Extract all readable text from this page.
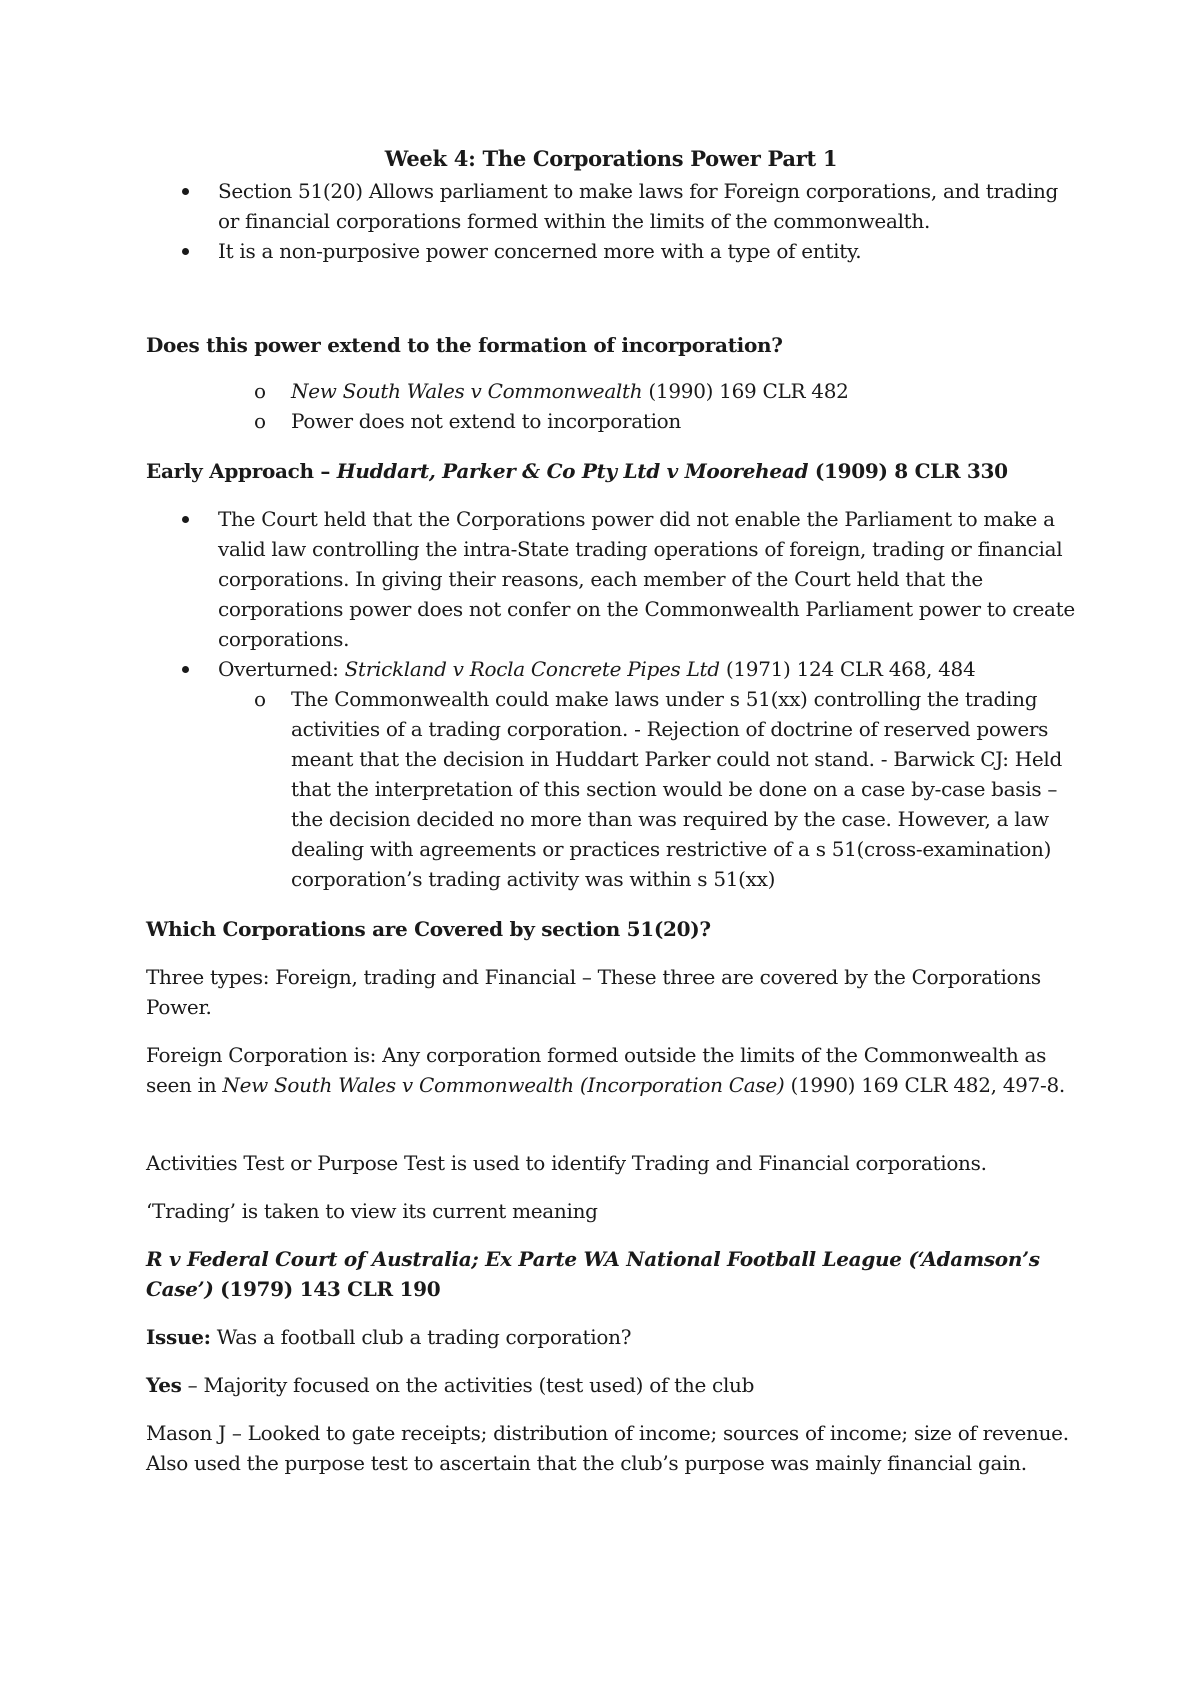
Week 4: The Corporations Power Part 1
Section 51(20) Allows parliament to make laws for Foreign corporations, and trading or financial corporations formed within the limits of the commonwealth.
It is a non-purposive power concerned more with a type of entity.

Does this power extend to the formation of incorporation?

o New South Wales v Commonwealth (1990) 169 CLR 482
o Power does not extend to incorporation

Early Approach – Huddart, Parker & Co Pty Ltd v Moorehead (1909) 8 CLR 330

The Court held that the Corporations power did not enable the Parliament to make a valid law controlling the intra-State trading operations of foreign, trading or financial corporations. In giving their reasons, each member of the Court held that the corporations power does not confer on the Commonwealth Parliament power to create corporations.
Overturned: Strickland v Rocla Concrete Pipes Ltd (1971) 124 CLR 468, 484
o The Commonwealth could make laws under s 51(xx) controlling the trading activities of a trading corporation. - Rejection of doctrine of reserved powers meant that the decision in Huddart Parker could not stand. - Barwick CJ: Held that the interpretation of this section would be done on a case by-case basis – the decision decided no more than was required by the case. However, a law dealing with agreements or practices restrictive of a s 51(cross-examination) corporation’s trading activity was within s 51(xx)

Which Corporations are Covered by section 51(20)?

Three types: Foreign, trading and Financial – These three are covered by the Corporations Power.

Foreign Corporation is: Any corporation formed outside the limits of the Commonwealth as seen in New South Wales v Commonwealth (Incorporation Case) (1990) 169 CLR 482, 497-8.

Activities Test or Purpose Test is used to identify Trading and Financial corporations.

‘Trading’ is taken to view its current meaning

R v Federal Court of Australia; Ex Parte WA National Football League (‘Adamson’s Case’) (1979) 143 CLR 190

Issue: Was a football club a trading corporation?

Yes – Majority focused on the activities (test used) of the club

Mason J – Looked to gate receipts; distribution of income; sources of income; size of revenue. Also used the purpose test to ascertain that the club’s purpose was mainly financial gain.
